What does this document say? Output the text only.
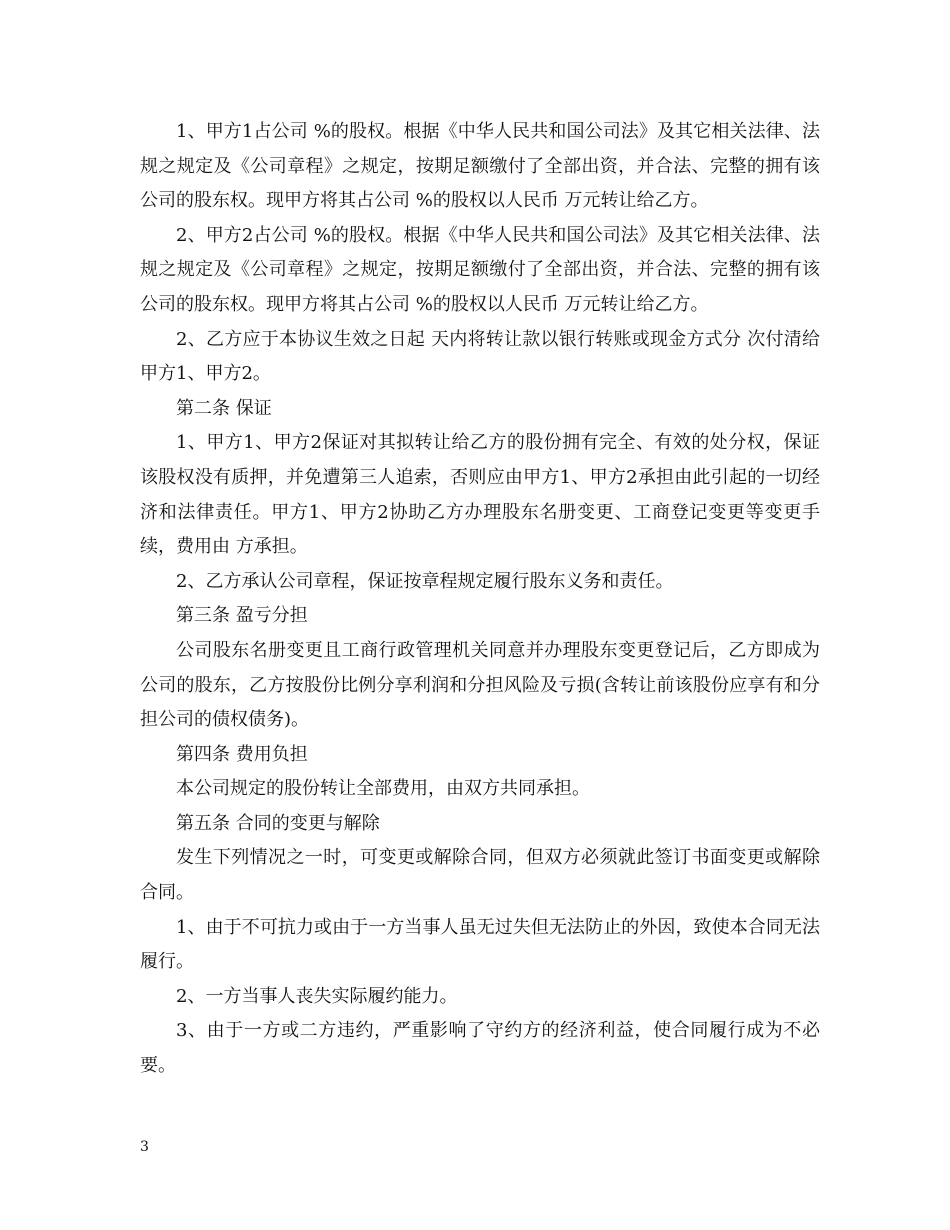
1、甲方1占公司 %的股权。根据《中华人民共和国公司法》及其它相关法律、法规之规定及《公司章程》之规定，按期足额缴付了全部出资，并合法、完整的拥有该公司的股东权。现甲方将其占公司 %的股权以人民币 万元转让给乙方。

2、甲方2占公司 %的股权。根据《中华人民共和国公司法》及其它相关法律、法规之规定及《公司章程》之规定，按期足额缴付了全部出资，并合法、完整的拥有该公司的股东权。现甲方将其占公司 %的股权以人民币 万元转让给乙方。

2、乙方应于本协议生效之日起 天内将转让款以银行转账或现金方式分 次付清给甲方1、甲方2。

第二条 保证

1、甲方1、甲方2保证对其拟转让给乙方的股份拥有完全、有效的处分权，保证该股权没有质押，并免遭第三人追索，否则应由甲方1、甲方2承担由此引起的一切经济和法律责任。甲方1、甲方2协助乙方办理股东名册变更、工商登记变更等变更手续，费用由 方承担。

2、乙方承认公司章程，保证按章程规定履行股东义务和责任。

第三条 盈亏分担

公司股东名册变更且工商行政管理机关同意并办理股东变更登记后，乙方即成为公司的股东，乙方按股份比例分享利润和分担风险及亏损(含转让前该股份应享有和分担公司的债权债务)。

第四条 费用负担

本公司规定的股份转让全部费用，由双方共同承担。

第五条 合同的变更与解除

发生下列情况之一时，可变更或解除合同，但双方必须就此签订书面变更或解除合同。

1、由于不可抗力或由于一方当事人虽无过失但无法防止的外因，致使本合同无法履行。

2、一方当事人丧失实际履约能力。

3、由于一方或二方违约，严重影响了守约方的经济利益，使合同履行成为不必要。

3
